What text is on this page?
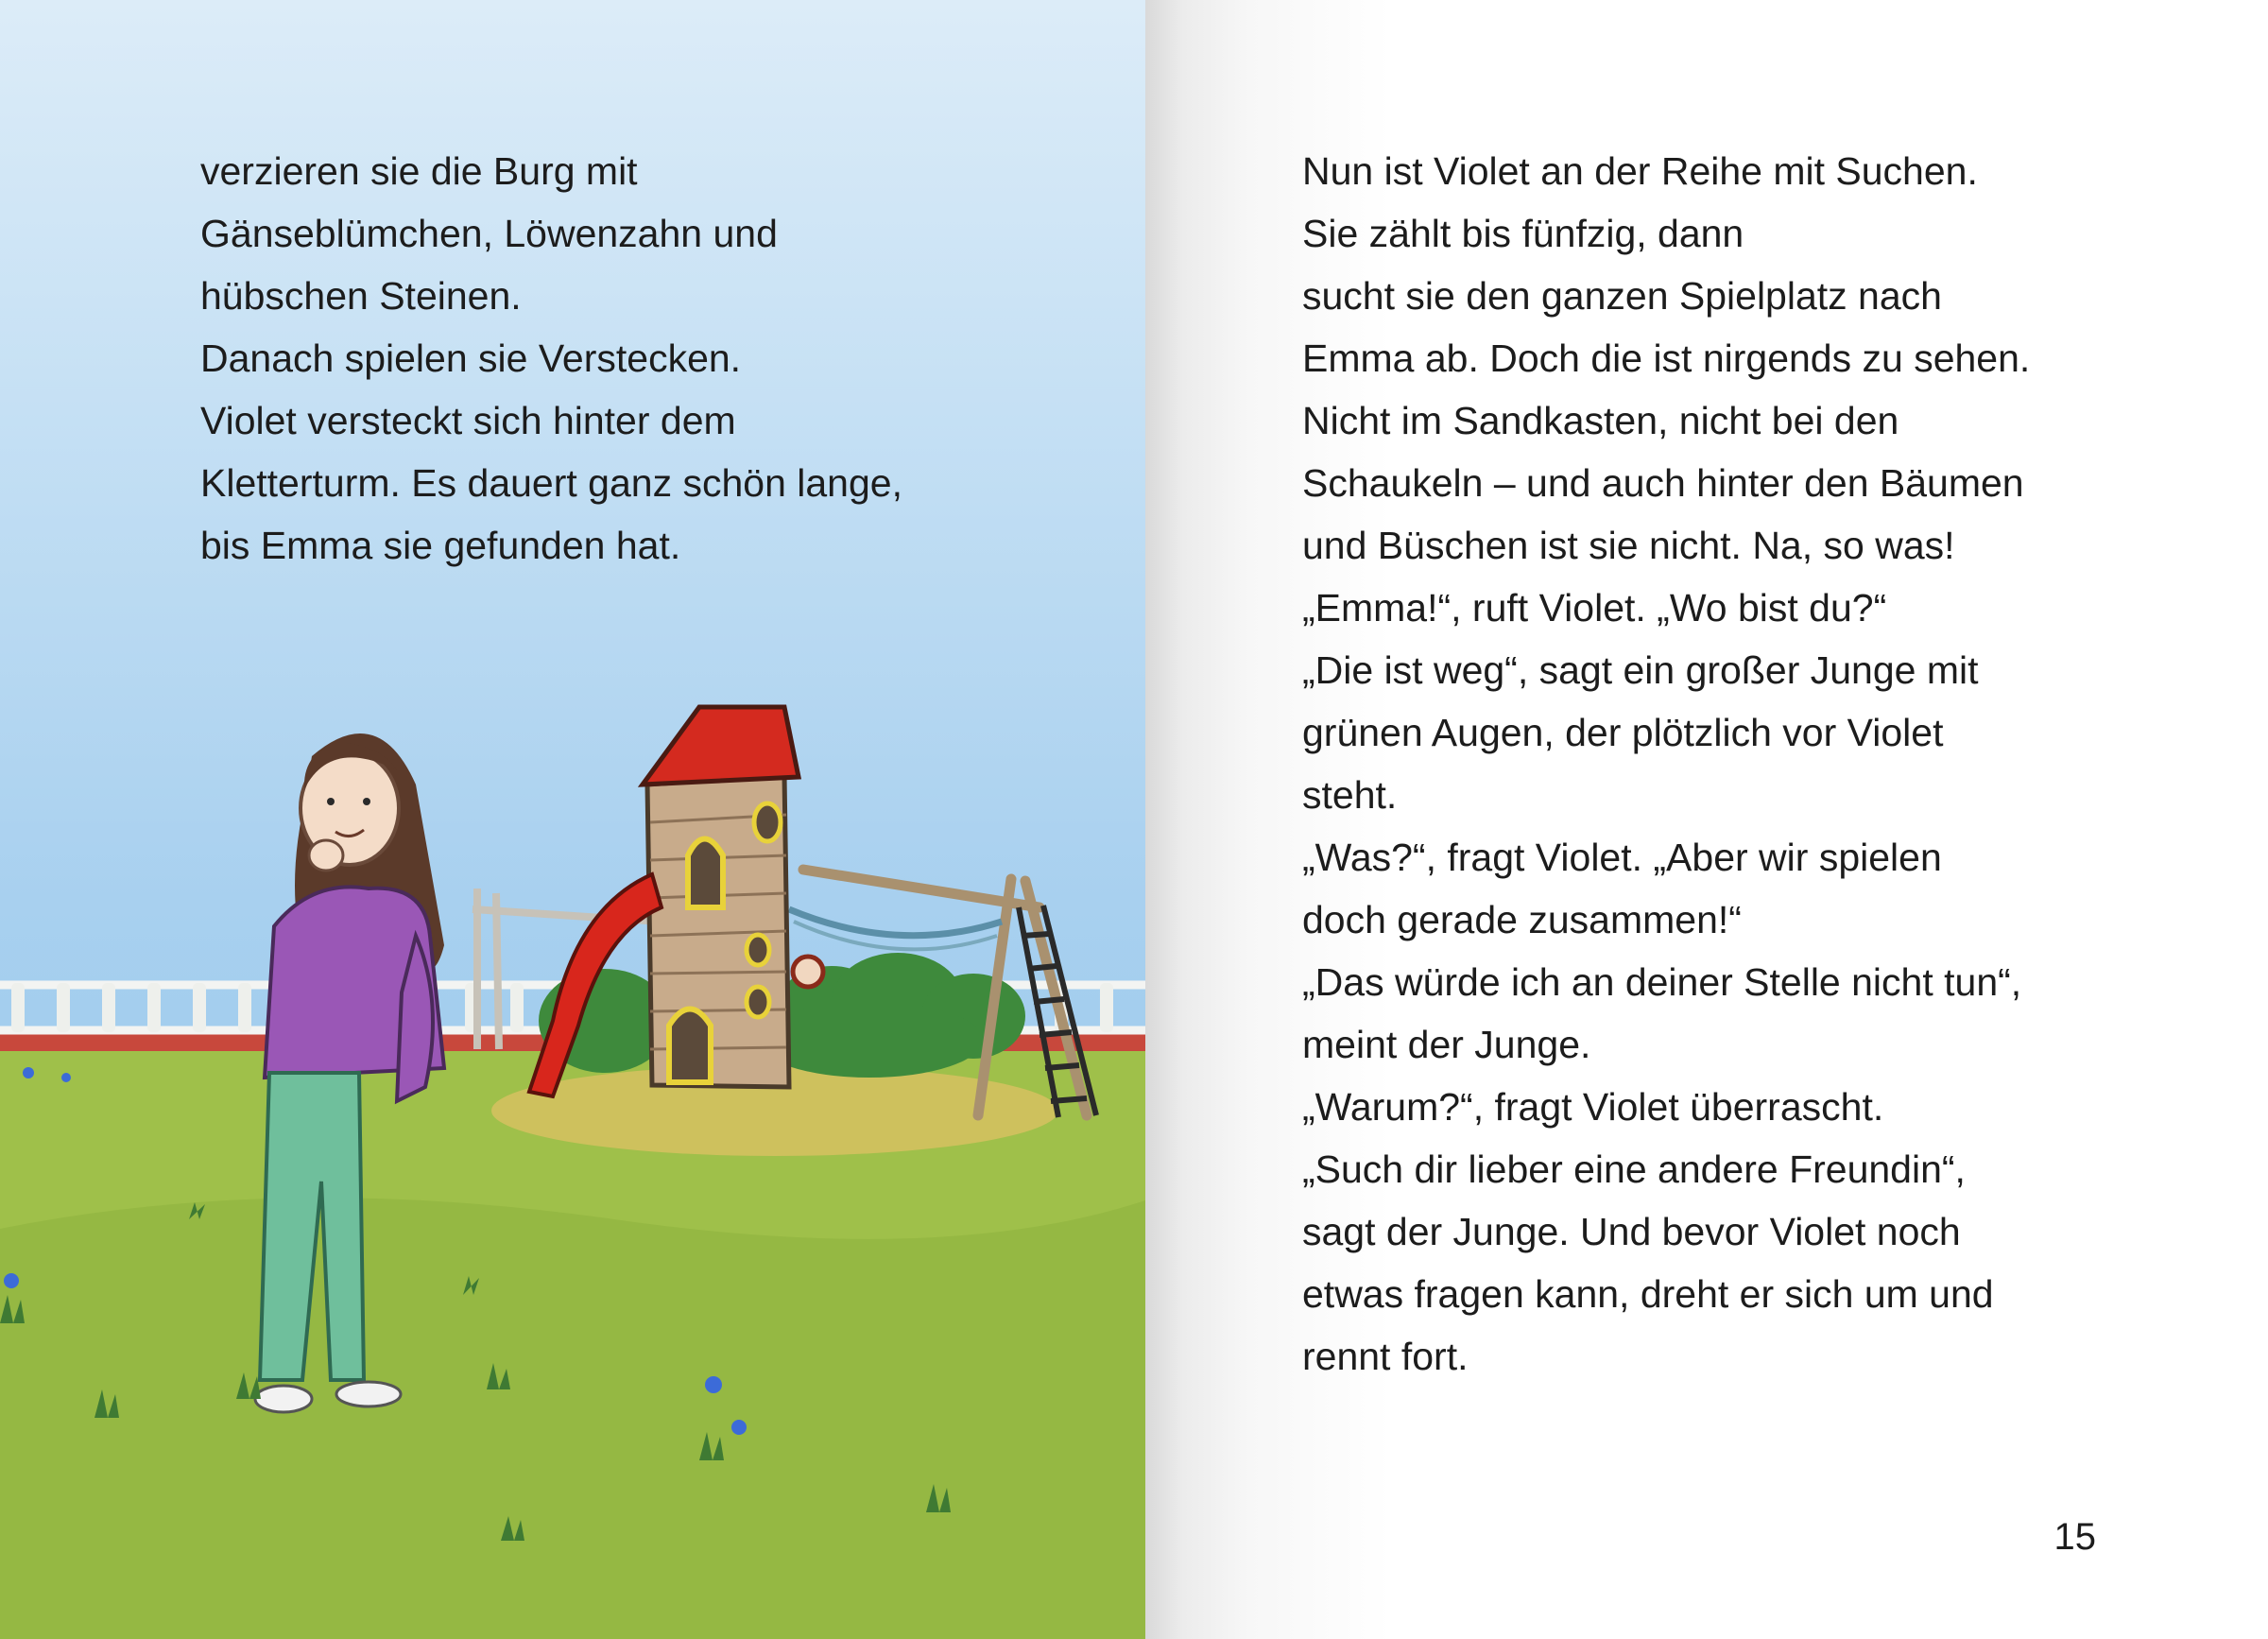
verzieren sie die Burg mit
Gänseblümchen, Löwenzahn und
hübschen Steinen.
Danach spielen sie Verstecken.
Violet versteckt sich hinter dem
Kletterturm. Es dauert ganz schön lange,
bis Emma sie gefunden hat.
Nun ist Violet an der Reihe mit Suchen.
Sie zählt bis fünfzig, dann
sucht sie den ganzen Spielplatz nach
Emma ab. Doch die ist nirgends zu sehen.
Nicht im Sandkasten, nicht bei den
Schaukeln – und auch hinter den Bäumen
und Büschen ist sie nicht. Na, so was!
„Emma!“, ruft Violet. „Wo bist du?“
„Die ist weg“, sagt ein großer Junge mit
grünen Augen, der plötzlich vor Violet
steht.
„Was?“, fragt Violet. „Aber wir spielen
doch gerade zusammen!“
„Das würde ich an deiner Stelle nicht tun“,
meint der Junge.
„Warum?“, fragt Violet überrascht.
„Such dir lieber eine andere Freundin“,
sagt der Junge. Und bevor Violet noch
etwas fragen kann, dreht er sich um und
rennt fort.
15
